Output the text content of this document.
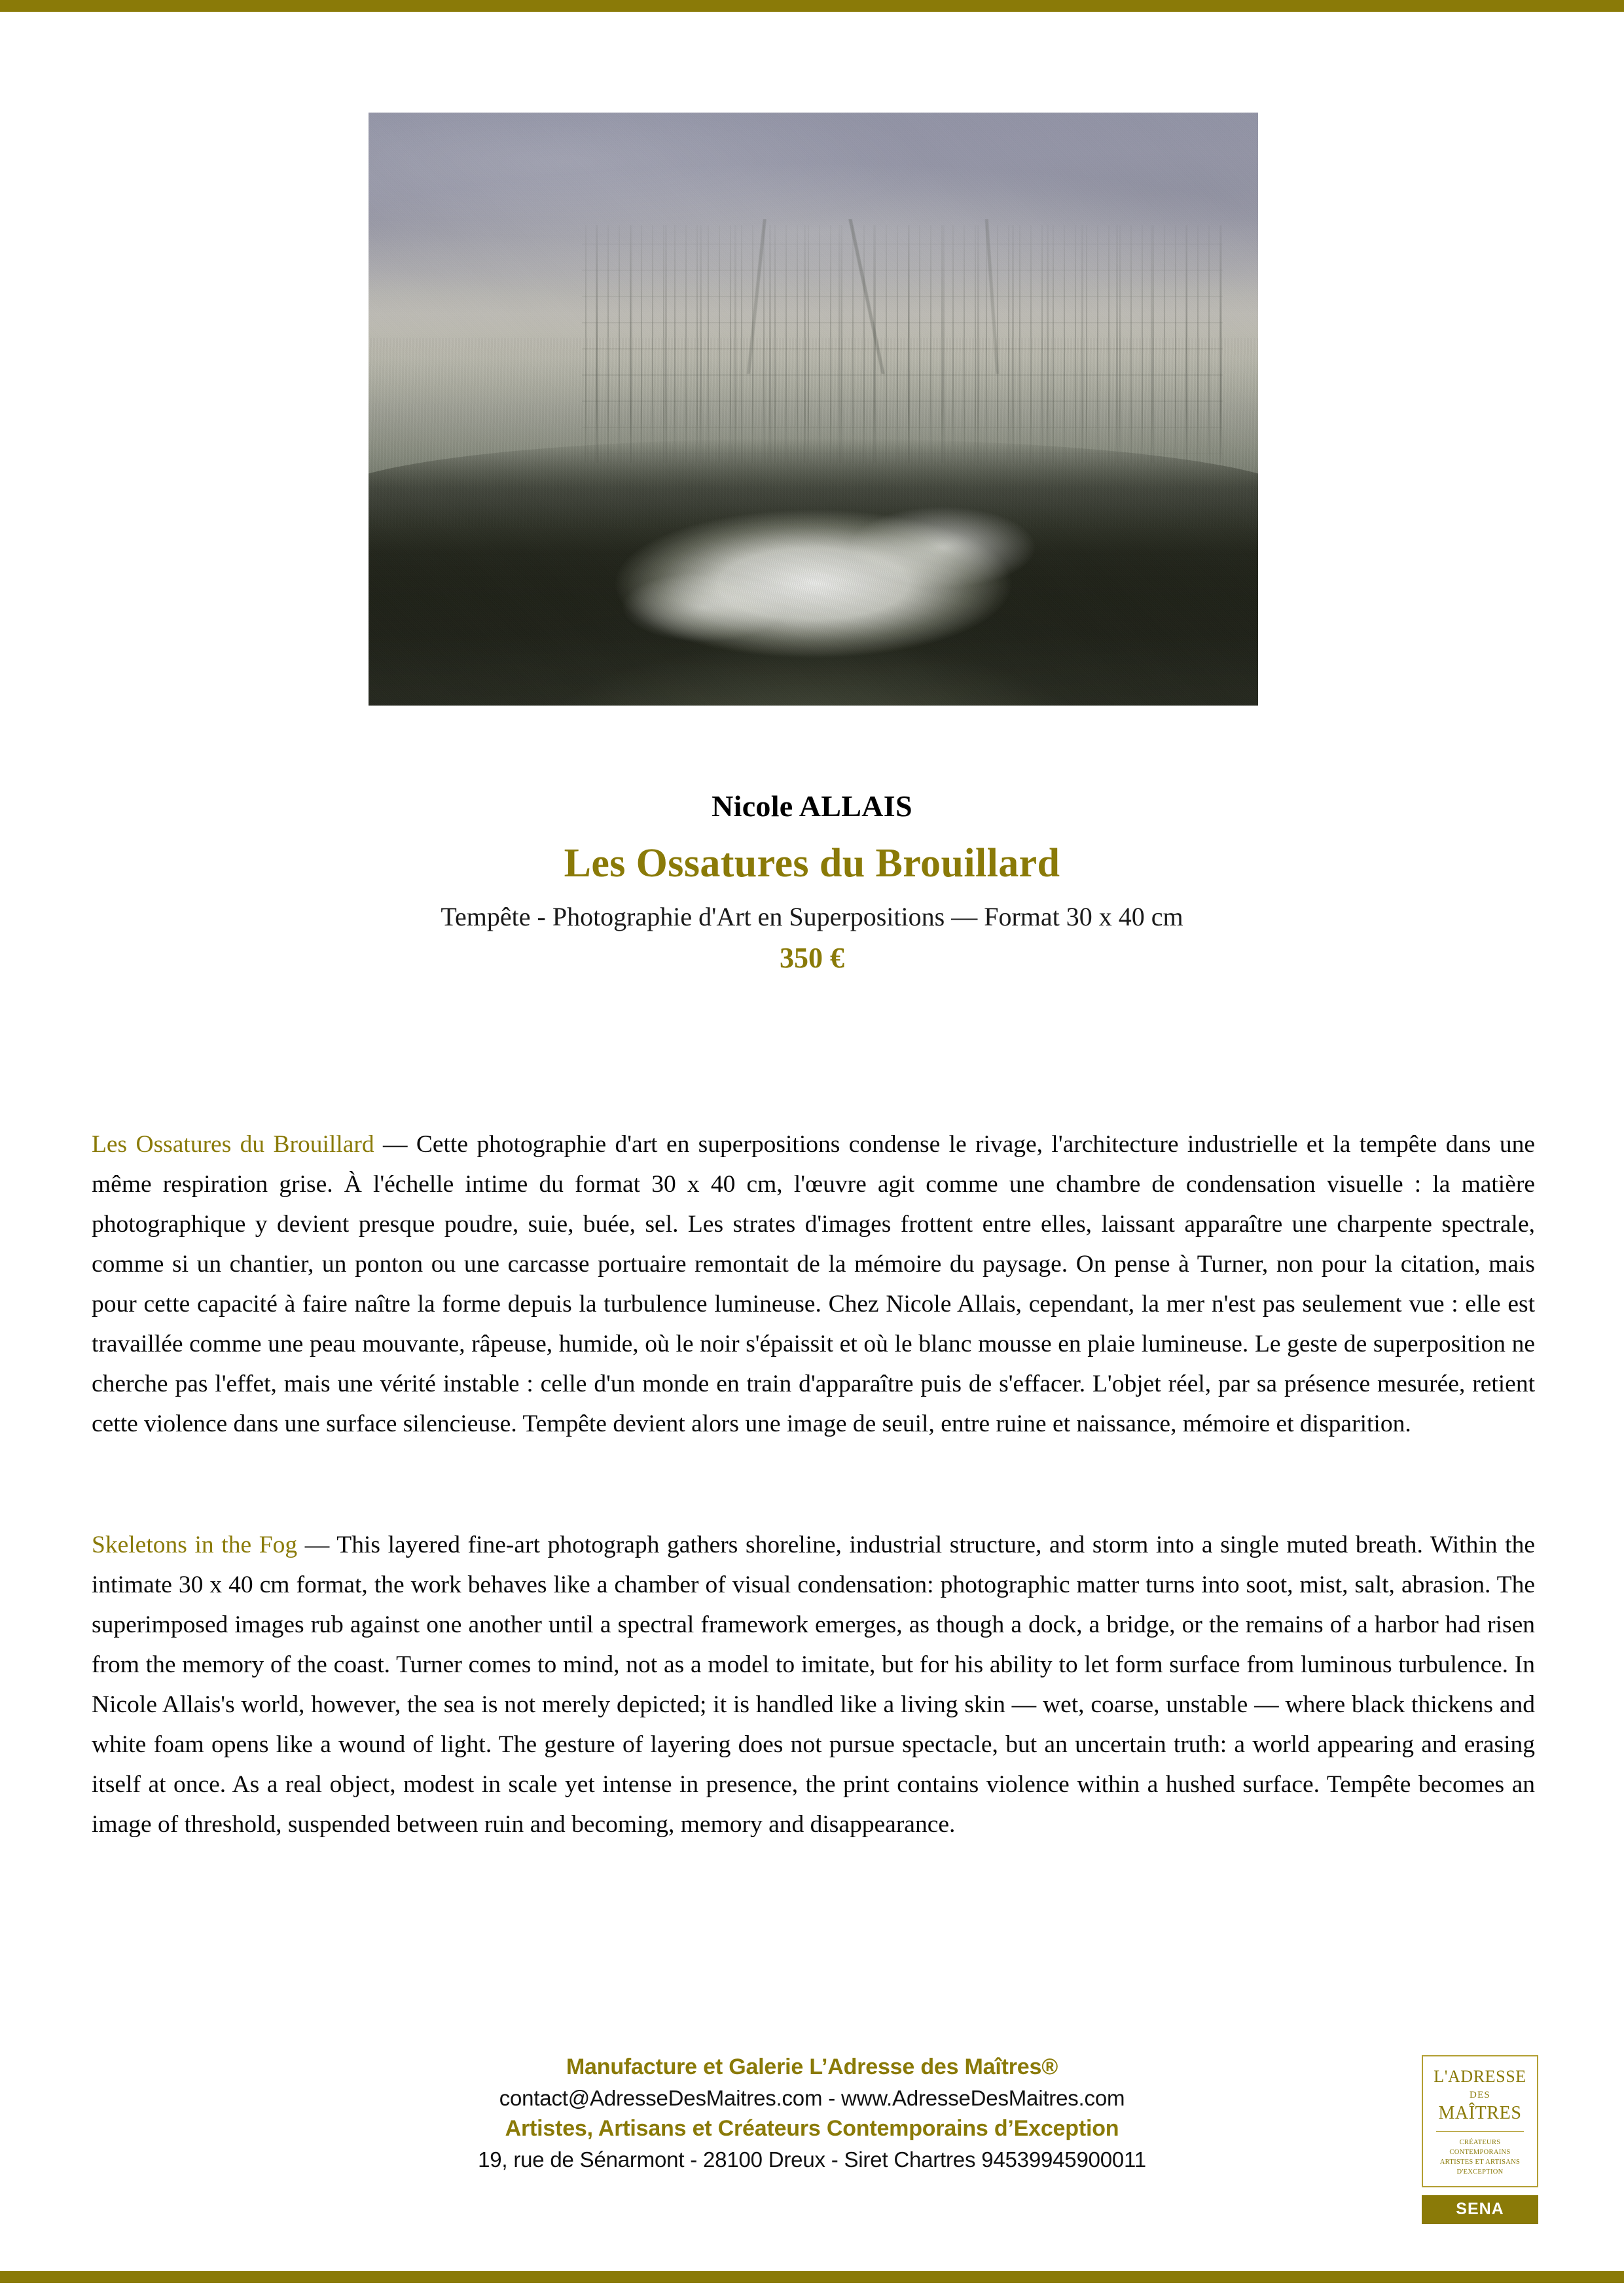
Nicole ALLAIS
Les Ossatures du Brouillard
Tempête - Photographie d'Art en Superpositions — Format 30 x 40 cm
350 €
Les Ossatures du Brouillard — Cette photographie d'art en superpositions condense le rivage, l'architecture industrielle et la tempête dans une même respiration grise. À l'échelle intime du format 30 x 40 cm, l'œuvre agit comme une chambre de condensation visuelle : la matière photographique y devient presque poudre, suie, buée, sel. Les strates d'images frottent entre elles, laissant apparaître une charpente spectrale, comme si un chantier, un ponton ou une carcasse portuaire remontait de la mémoire du paysage. On pense à Turner, non pour la citation, mais pour cette capacité à faire naître la forme depuis la turbulence lumineuse. Chez Nicole Allais, cependant, la mer n'est pas seulement vue : elle est travaillée comme une peau mouvante, râpeuse, humide, où le noir s'épaissit et où le blanc mousse en plaie lumineuse. Le geste de superposition ne cherche pas l'effet, mais une vérité instable : celle d'un monde en train d'apparaître puis de s'effacer. L'objet réel, par sa présence mesurée, retient cette violence dans une surface silencieuse. Tempête devient alors une image de seuil, entre ruine et naissance, mémoire et disparition.
Skeletons in the Fog — This layered fine-art photograph gathers shoreline, industrial structure, and storm into a single muted breath. Within the intimate 30 x 40 cm format, the work behaves like a chamber of visual condensation: photographic matter turns into soot, mist, salt, abrasion. The superimposed images rub against one another until a spectral framework emerges, as though a dock, a bridge, or the remains of a harbor had risen from the memory of the coast. Turner comes to mind, not as a model to imitate, but for his ability to let form surface from luminous turbulence. In Nicole Allais's world, however, the sea is not merely depicted; it is handled like a living skin — wet, coarse, unstable — where black thickens and white foam opens like a wound of light. The gesture of layering does not pursue spectacle, but an uncertain truth: a world appearing and erasing itself at once. As a real object, modest in scale yet intense in presence, the print contains violence within a hushed surface. Tempête becomes an image of threshold, suspended between ruin and becoming, memory and disappearance.
Manufacture et Galerie L’Adresse des Maîtres®
contact@AdresseDesMaitres.com - www.AdresseDesMaitres.com
Artistes, Artisans et Créateurs Contemporains d’Exception
19, rue de Sénarmont - 28100 Dreux - Siret Chartres 94539945900011
L'ADRESSE
DES
MAÎTRES
CRÉATEURS CONTEMPORAINS
ARTISTES ET ARTISANS
D'EXCEPTION
SENA
